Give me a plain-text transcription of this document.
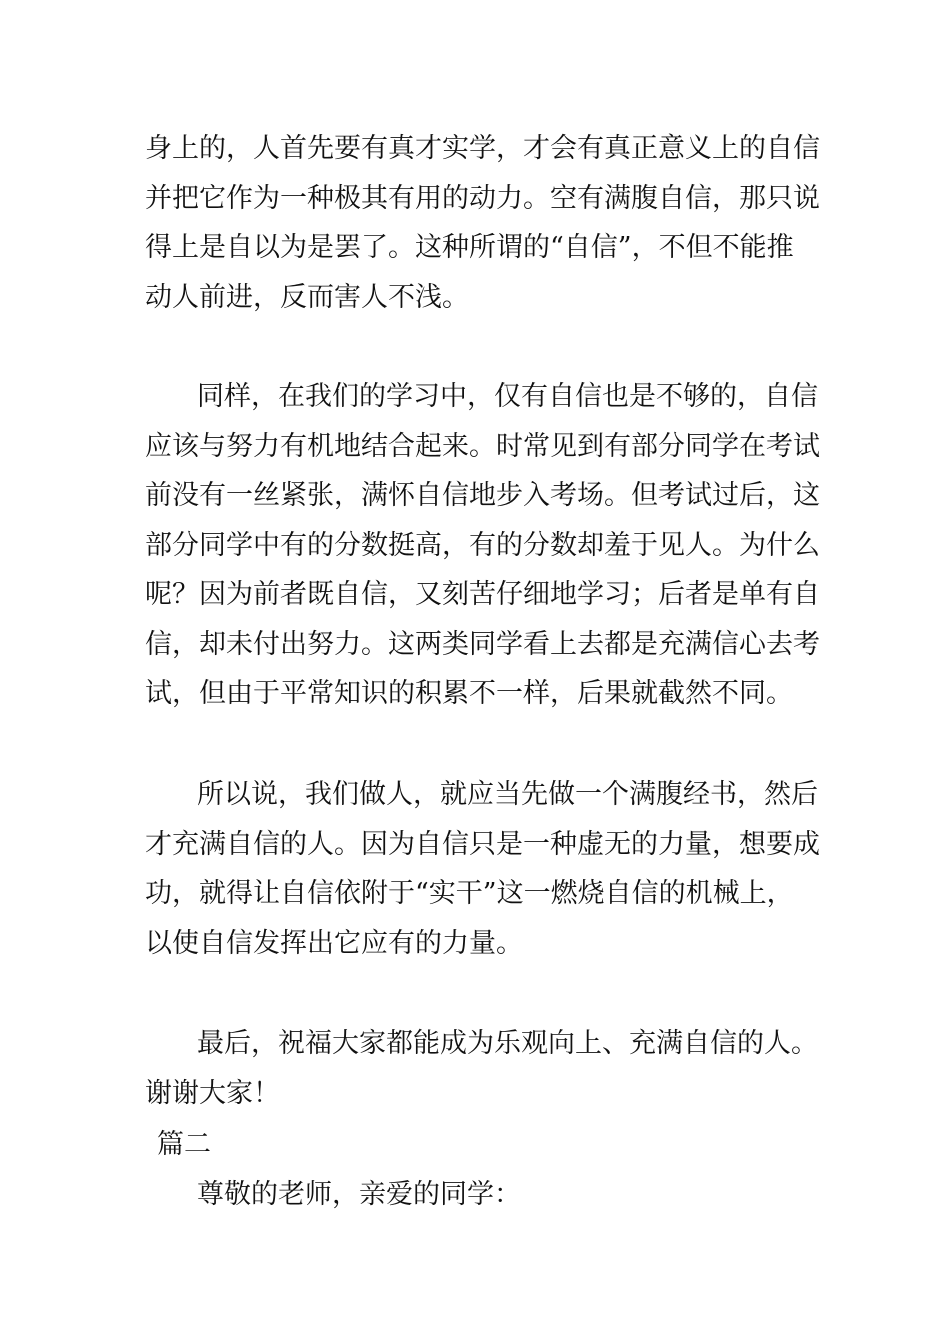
身上的，人首先要有真才实学，才会有真正意义上的自信
并把它作为一种极其有用的动力。空有满腹自信，那只说
得上是自以为是罢了。这种所谓的“自信”，不但不能推
动人前进，反而害人不浅。
同样，在我们的学习中，仅有自信也是不够的，自信
应该与努力有机地结合起来。时常见到有部分同学在考试
前没有一丝紧张，满怀自信地步入考场。但考试过后，这
部分同学中有的分数挺高，有的分数却羞于见人。为什么
呢？因为前者既自信，又刻苦仔细地学习；后者是单有自
信，却未付出努力。这两类同学看上去都是充满信心去考
试，但由于平常知识的积累不一样，后果就截然不同。
所以说，我们做人，就应当先做一个满腹经书，然后
才充满自信的人。因为自信只是一种虚无的力量，想要成
功，就得让自信依附于“实干”这一燃烧自信的机械上，
以使自信发挥出它应有的力量。
最后，祝福大家都能成为乐观向上、充满自信的人。
谢谢大家！
篇二
尊敬的老师，亲爱的同学：
